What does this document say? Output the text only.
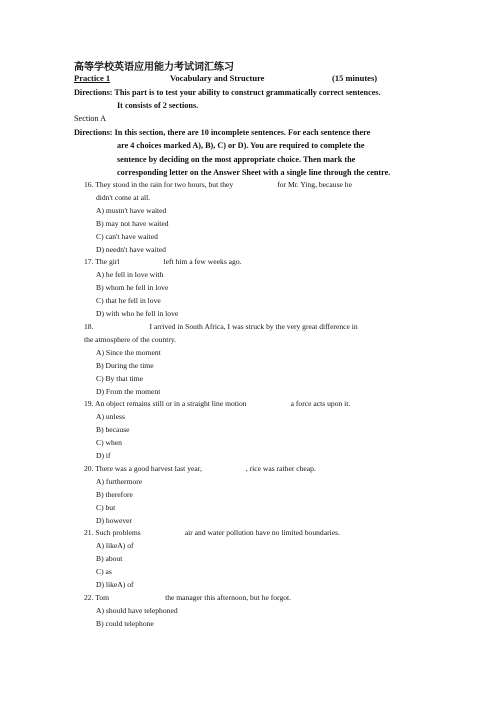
高等学校英语应用能力考试词汇练习
Practice 1	Vocabulary and Structure	(15 minutes)
Directions: This part is to test your ability to construct grammatically correct sentences.
It consists of 2 sections.
Section A
Directions: In this section, there are 10 incomplete sentences. For each sentence there
are 4 choices marked A), B), C) or D). You are required to complete the
sentence by deciding on the most appropriate choice. Then mark the
corresponding letter on the Answer Sheet with a single line through the centre.
16. They stood in the rain for two hours, but they	for Mr. Ying, because he
didn't come at all.
A) mustn't have waited
B) may not have waited
C) can't have waited
D) needn't have waited
17. The girl	left him a few weeks ago.
A) he fell in love with
B) whom he fell in love
C) that he fell in love
D) with who he fell in love
18.	I arrived in South Africa, I was struck by the very great difference in
the atmosphere of the country.
A) Since the moment
B) During the time
C) By that time
D) From the moment
19. An object remains still or in a straight line motion	a force acts upon it.
A) unless
B) because
C) when
D) if
20. There was a good harvest last year,	, rice was rather cheap.
A) furthermore
B) therefore
C) but
D) however
21. Such problems	air and water pollution have no limited boundaries.
A) likeA) of
B) about
C) as
D) likeA) of
22. Tom	the manager this afternoon, but he forgot.
A) should have telephoned
B) could telephone
